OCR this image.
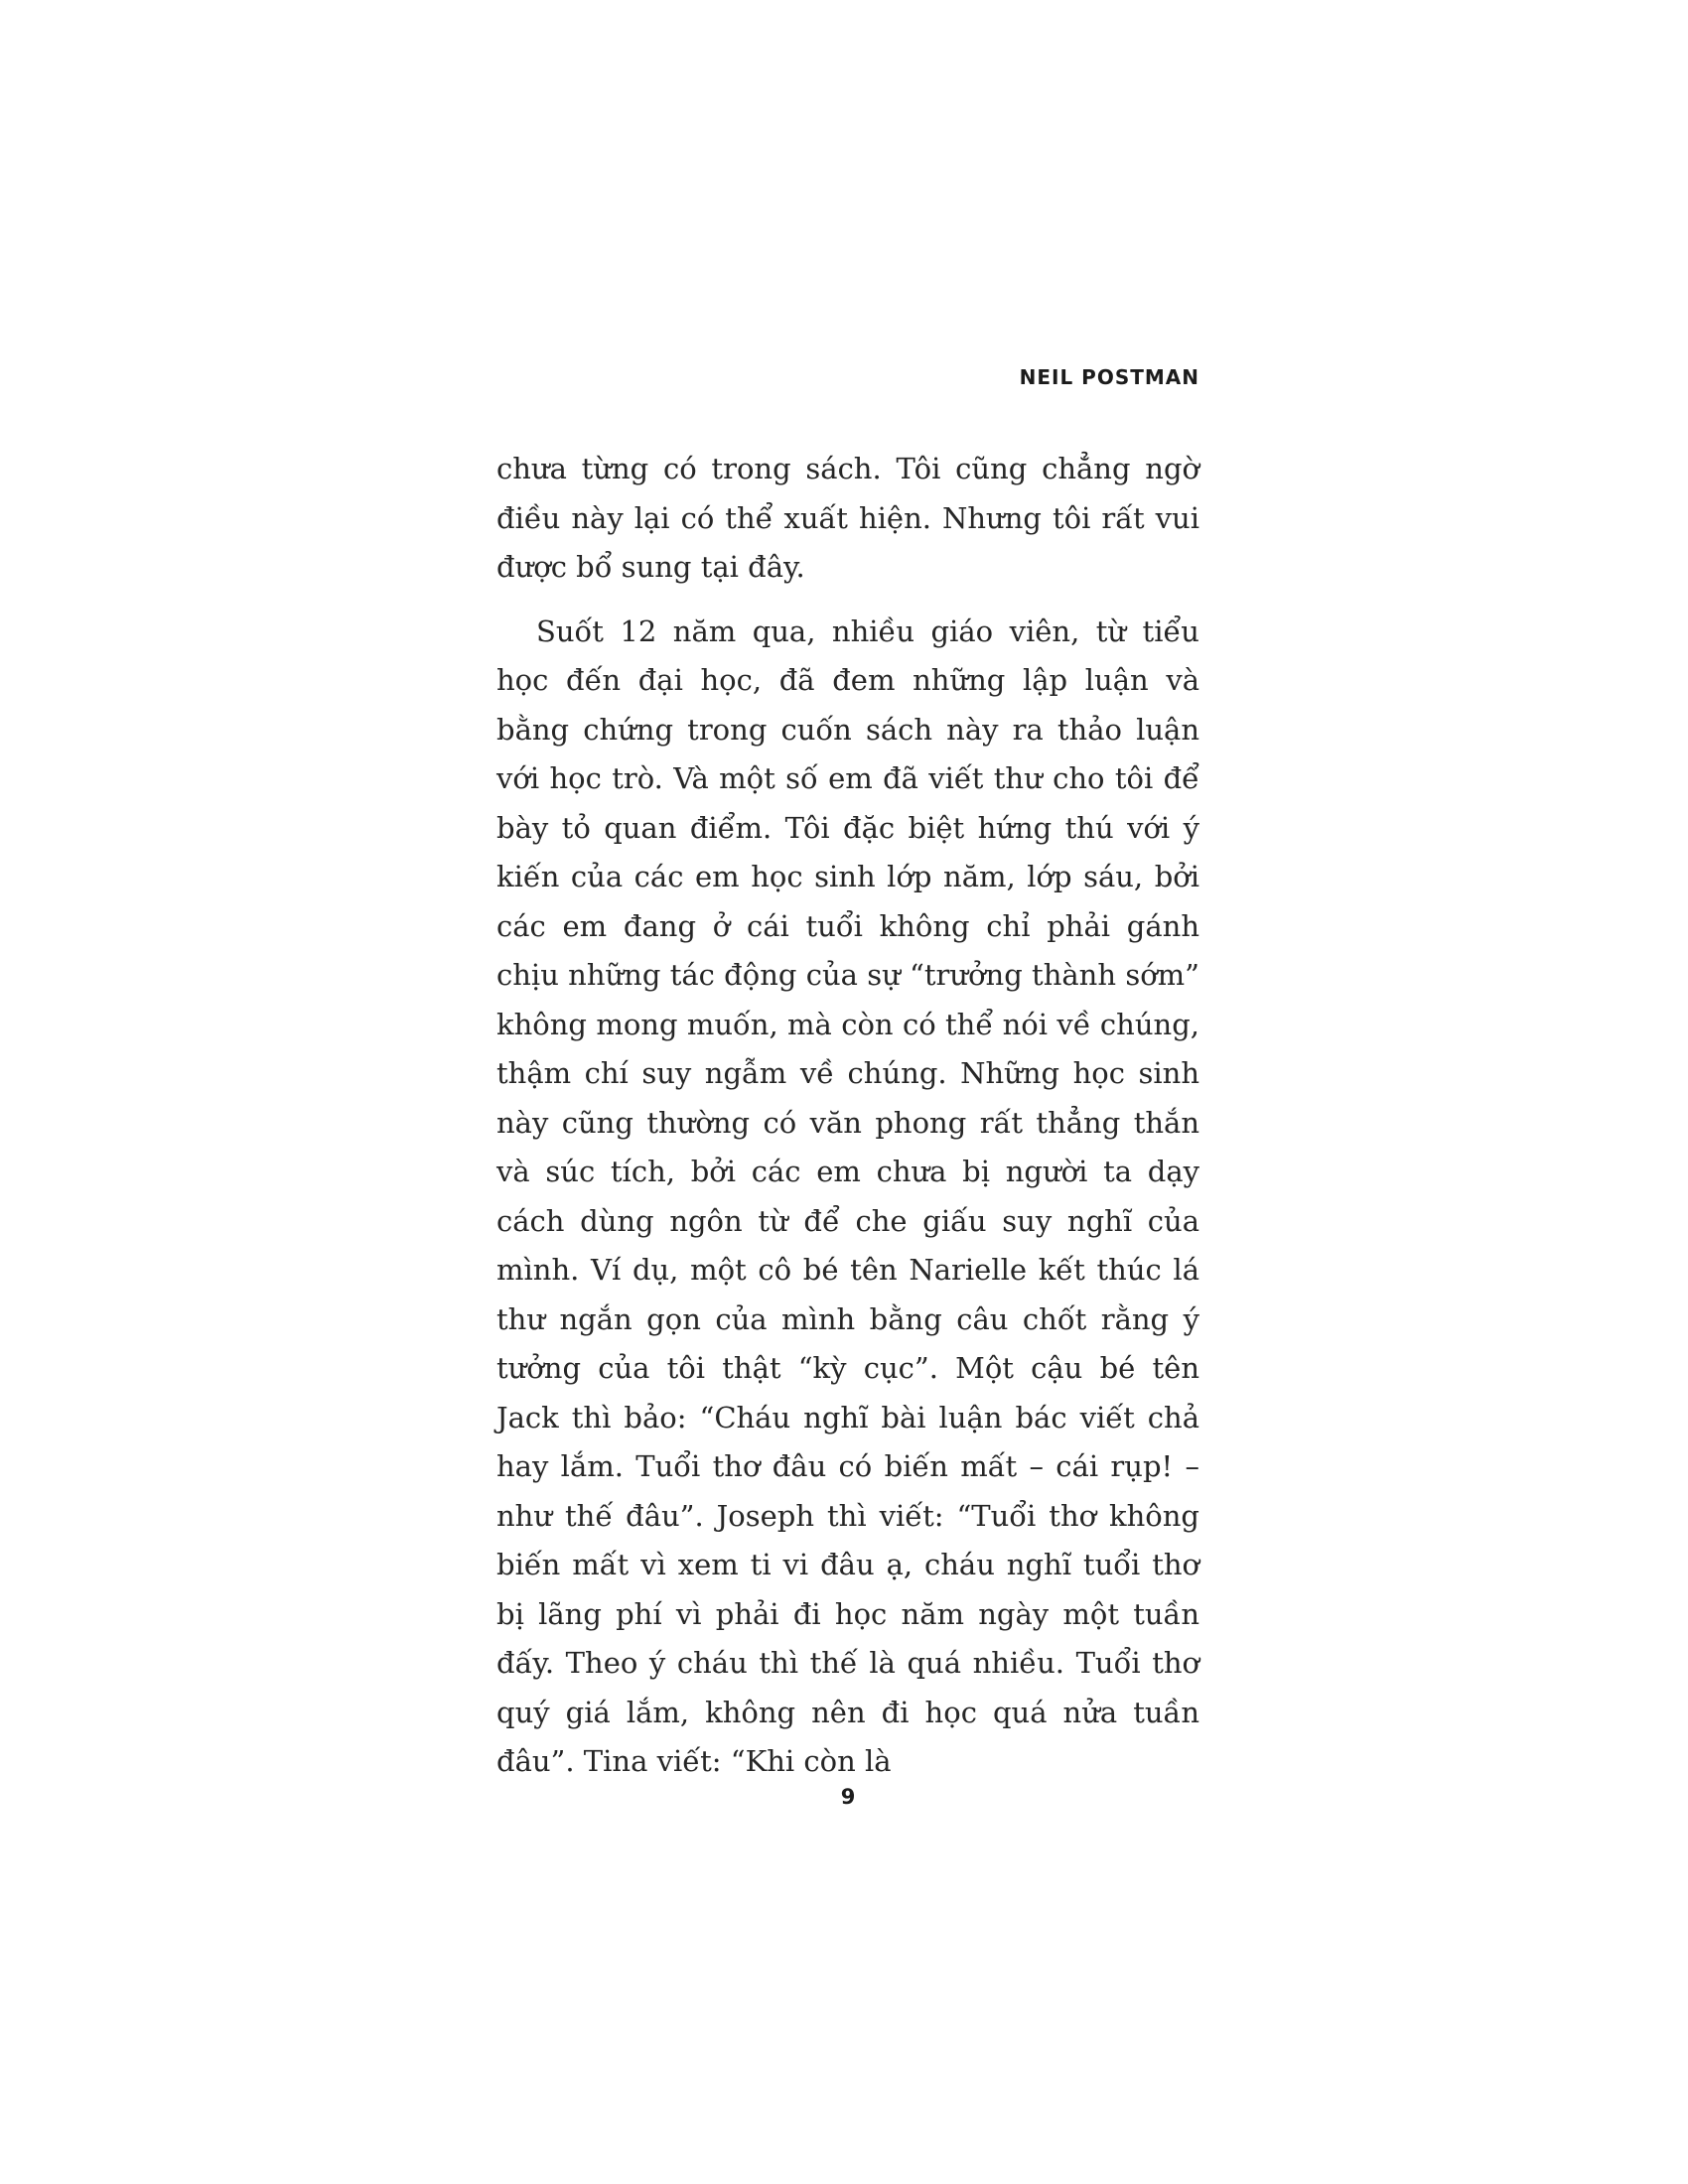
NEIL POSTMAN

chưa từng có trong sách. Tôi cũng chẳng ngờ điều này lại có thể xuất hiện. Nhưng tôi rất vui được bổ sung tại đây.

Suốt 12 năm qua, nhiều giáo viên, từ tiểu học đến đại học, đã đem những lập luận và bằng chứng trong cuốn sách này ra thảo luận với học trò. Và một số em đã viết thư cho tôi để bày tỏ quan điểm. Tôi đặc biệt hứng thú với ý kiến của các em học sinh lớp năm, lớp sáu, bởi các em đang ở cái tuổi không chỉ phải gánh chịu những tác động của sự “trưởng thành sớm” không mong muốn, mà còn có thể nói về chúng, thậm chí suy ngẫm về chúng. Những học sinh này cũng thường có văn phong rất thẳng thắn và súc tích, bởi các em chưa bị người ta dạy cách dùng ngôn từ để che giấu suy nghĩ của mình. Ví dụ, một cô bé tên Narielle kết thúc lá thư ngắn gọn của mình bằng câu chốt rằng ý tưởng của tôi thật “kỳ cục”. Một cậu bé tên Jack thì bảo: “Cháu nghĩ bài luận bác viết chả hay lắm. Tuổi thơ đâu có biến mất – cái rụp! – như thế đâu”. Joseph thì viết: “Tuổi thơ không biến mất vì xem ti vi đâu ạ, cháu nghĩ tuổi thơ bị lãng phí vì phải đi học năm ngày một tuần đấy. Theo ý cháu thì thế là quá nhiều. Tuổi thơ quý giá lắm, không nên đi học quá nửa tuần đâu”. Tina viết: “Khi còn là

9
